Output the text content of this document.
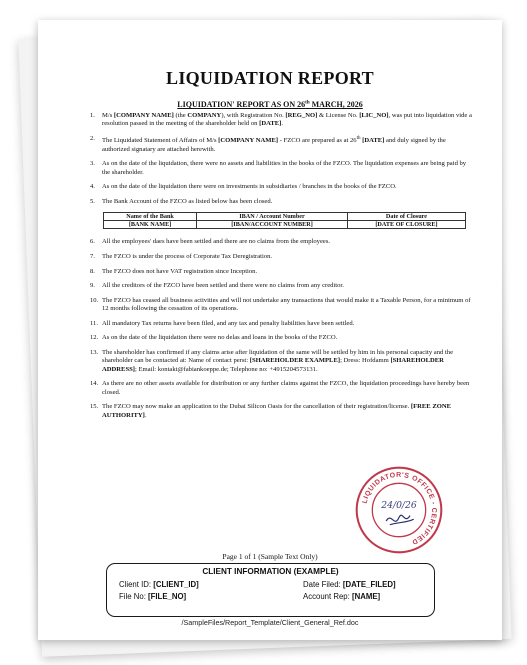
LIQUIDATION REPORT
LIQUIDATION' REPORT AS ON 26th MARCH, 2026
1. M/s [COMPANY NAME] (the COMPANY), with Registration No. [REG_NO] & License No. [LIC_NO], was put into liquidation vide a resolution passed in the meeting of the shareholder held on [DATE].
2. The Liquidated Statement of Affairs of M/s [COMPANY NAME] - FZCO are prepared as at 26th [DATE] and duly signed by the authorized signatary are attached herewith.
3. As on the date of the liquidation, there were no assets and liabilities in the books of the FZCO. The liquidation expenses are being paid by the shareholder.
4. As on the date of the liquidation there were on investments in subsidiaries / branches in the books of the FZCO.
5. The Bank Account of the FZCO as listed below has been closed.
Name of the Bank	IBAN / Account Number	Date of Closure
[BANK NAME]	[IBAN/ACCOUNT NUMBER]	[DATE OF CLOSURE]
6. All the employees' daes have been settled and there are no claims from the employees.
7. The FZCO is under the process of Corporate Tax Deregistration.
8. The FZCO does not have VAT registration since Inception.
9. All the creditors of the FZCO have been settled and there were no claims from any creditor.
10. The FZCO has ceased all business activities and will not undertake any transactions that would make it a Taxable Person, for a minimum of 12 months following the cessation of its operations.
11. All mandatory Tax returns have been filed, and any tax and penalty liabilities have been settled.
12. As on the date of the liquidation there were no delas and loans in the books of the FZCO.
13. The shareholder has confirmed if any claims arise after liquidation of the same will be settled by him in his personal capacity and the shareholder can be contacted at: Name of contact perst: [SHAREHOLDER EXAMPLE]; Dress: Hofdamm [SHAREHOLDER ADDRESS]; Email: kontakt@fabiankoeppe.de; Telephone no: +4915204573131.
14. As there are no other assets available for distribution or any further claims against the FZCO, the liquidation proceedings have hereby been closed.
15. The FZCO may now make an application to the Dubai Silicon Oasis for the cancellation of their registration/license. [FREE ZONE AUTHORITY].
LIQUIDATOR'S OFFICE - CERTIFIED
24/0/26
Page 1 of 1 (Sample Text Only)
CLIENT INFORMATION (EXAMPLE)
Client ID: [CLIENT_ID]
File No: [FILE_NO]
Date Filed: [DATE_FILED]
Account Rep: [NAME]
/SampleFiles/Report_Template/Client_General_Ref.doc
